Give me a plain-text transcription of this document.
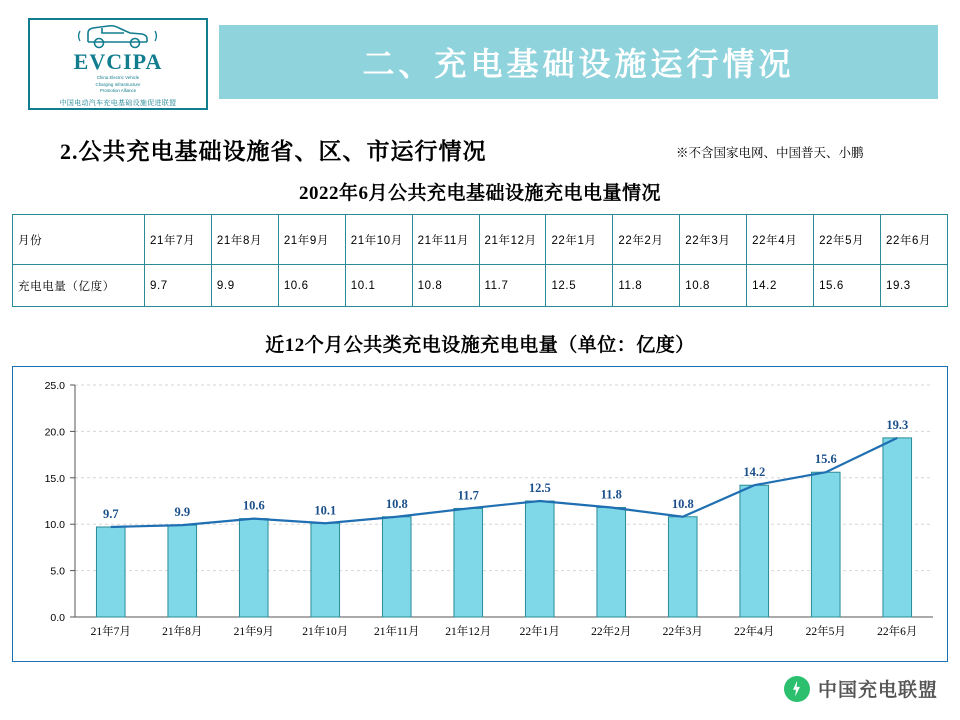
EVCIPA
China Electric Vehicle
Charging Infrastructure
Promotion Alliance
中国电动汽车充电基础设施促进联盟
二、充电基础设施运行情况
2.公共充电基础设施省、区、市运行情况	※不含国家电网、中国普天、小鹏
2022年6月公共充电基础设施充电电量情况
月份	21年7月	21年8月	21年9月	21年10月	21年11月	21年12月	22年1月	22年2月	22年3月	22年4月	22年5月	22年6月
充电电量（亿度）	9.7	9.9	10.6	10.1	10.8	11.7	12.5	11.8	10.8	14.2	15.6	19.3
近12个月公共类充电设施充电电量（单位：亿度）
0.0
5.0
10.0
15.0
20.0
25.0
9.7
21年7月
9.9
21年8月
10.6
21年9月
10.1
21年10月
10.8
21年11月
11.7
21年12月
12.5
22年1月
11.8
22年2月
10.8
22年3月
14.2
22年4月
15.6
22年5月
19.3
22年6月
中国充电联盟
